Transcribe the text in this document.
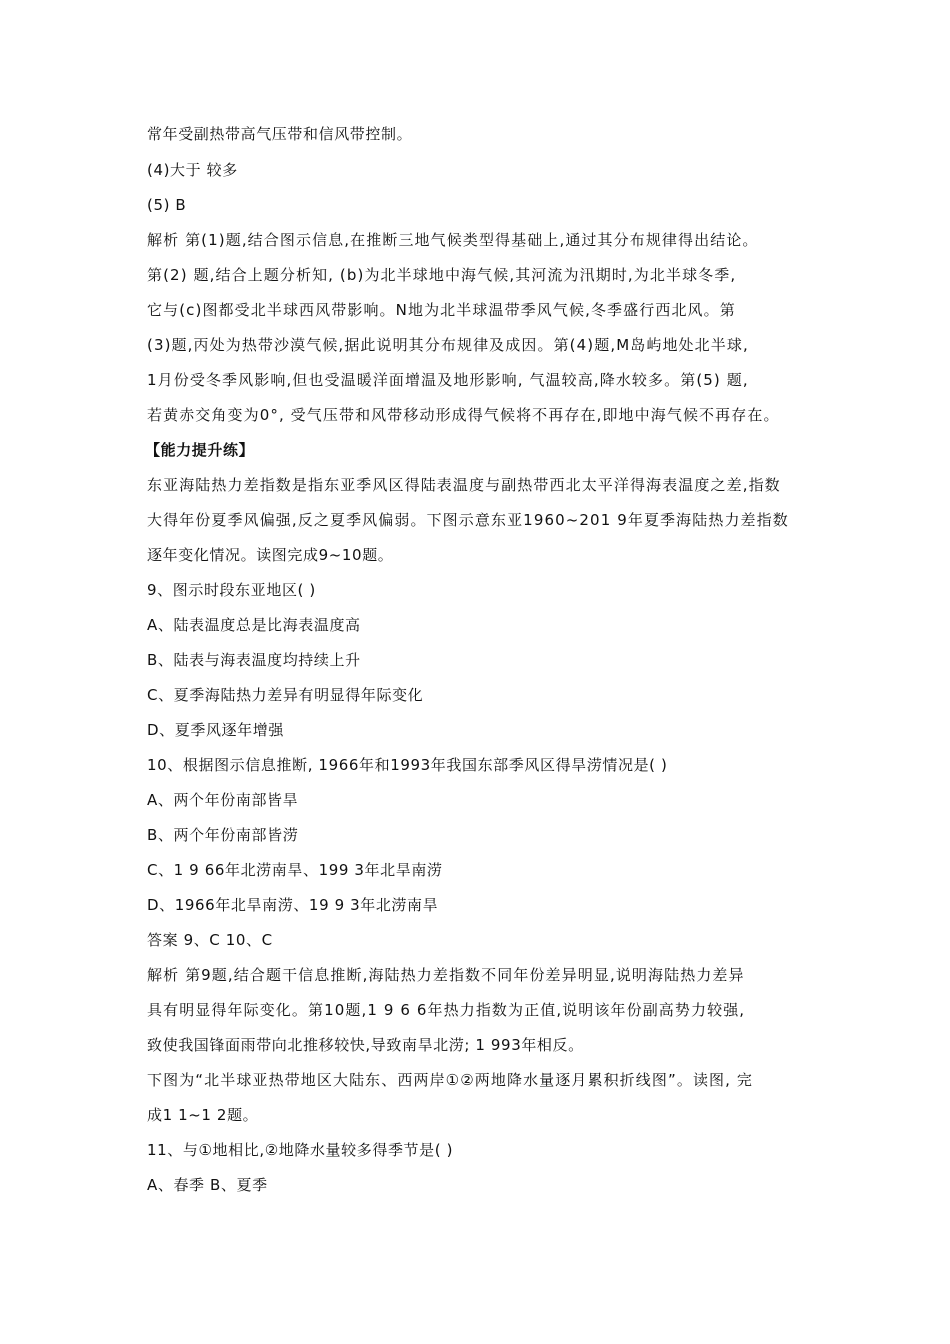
常年受副热带高气压带和信风带控制。
(4)大于 较多
(5) B
解析 第(1)题,结合图示信息,在推断三地气候类型得基础上,通过其分布规律得出结论。
第(2) 题,结合上题分析知, (b)为北半球地中海气候,其河流为汛期时,为北半球冬季,
它与(c)图都受北半球西风带影响。N地为北半球温带季风气候,冬季盛行西北风。第
(3)题,丙处为热带沙漠气候,据此说明其分布规律及成因。第(4)题,M岛屿地处北半球,
1月份受冬季风影响,但也受温暖洋面增温及地形影响, 气温较高,降水较多。第(5) 题,
若黄赤交角变为0°, 受气压带和风带移动形成得气候将不再存在,即地中海气候不再存在。
【能力提升练】
东亚海陆热力差指数是指东亚季风区得陆表温度与副热带西北太平洋得海表温度之差,指数
大得年份夏季风偏强,反之夏季风偏弱。下图示意东亚1960~201 9年夏季海陆热力差指数
逐年变化情况。读图完成9~10题。
9、图示时段东亚地区( )
A、陆表温度总是比海表温度高
B、陆表与海表温度均持续上升
C、夏季海陆热力差异有明显得年际变化
D、夏季风逐年增强
10、根据图示信息推断, 1966年和1993年我国东部季风区得旱涝情况是( )
A、两个年份南部皆旱
B、两个年份南部皆涝
C、1 9 66年北涝南旱、199 3年北旱南涝
D、1966年北旱南涝、19 9 3年北涝南旱
答案 9、C 10、C
解析 第9题,结合题干信息推断,海陆热力差指数不同年份差异明显,说明海陆热力差异
具有明显得年际变化。第10题,1 9 6 6年热力指数为正值,说明该年份副高势力较强,
致使我国锋面雨带向北推移较快,导致南旱北涝; 1 993年相反。
下图为“北半球亚热带地区大陆东、西两岸①②两地降水量逐月累积折线图”。读图, 完
成1 1~1 2题。
11、与①地相比,②地降水量较多得季节是( )
A、春季 B、夏季
